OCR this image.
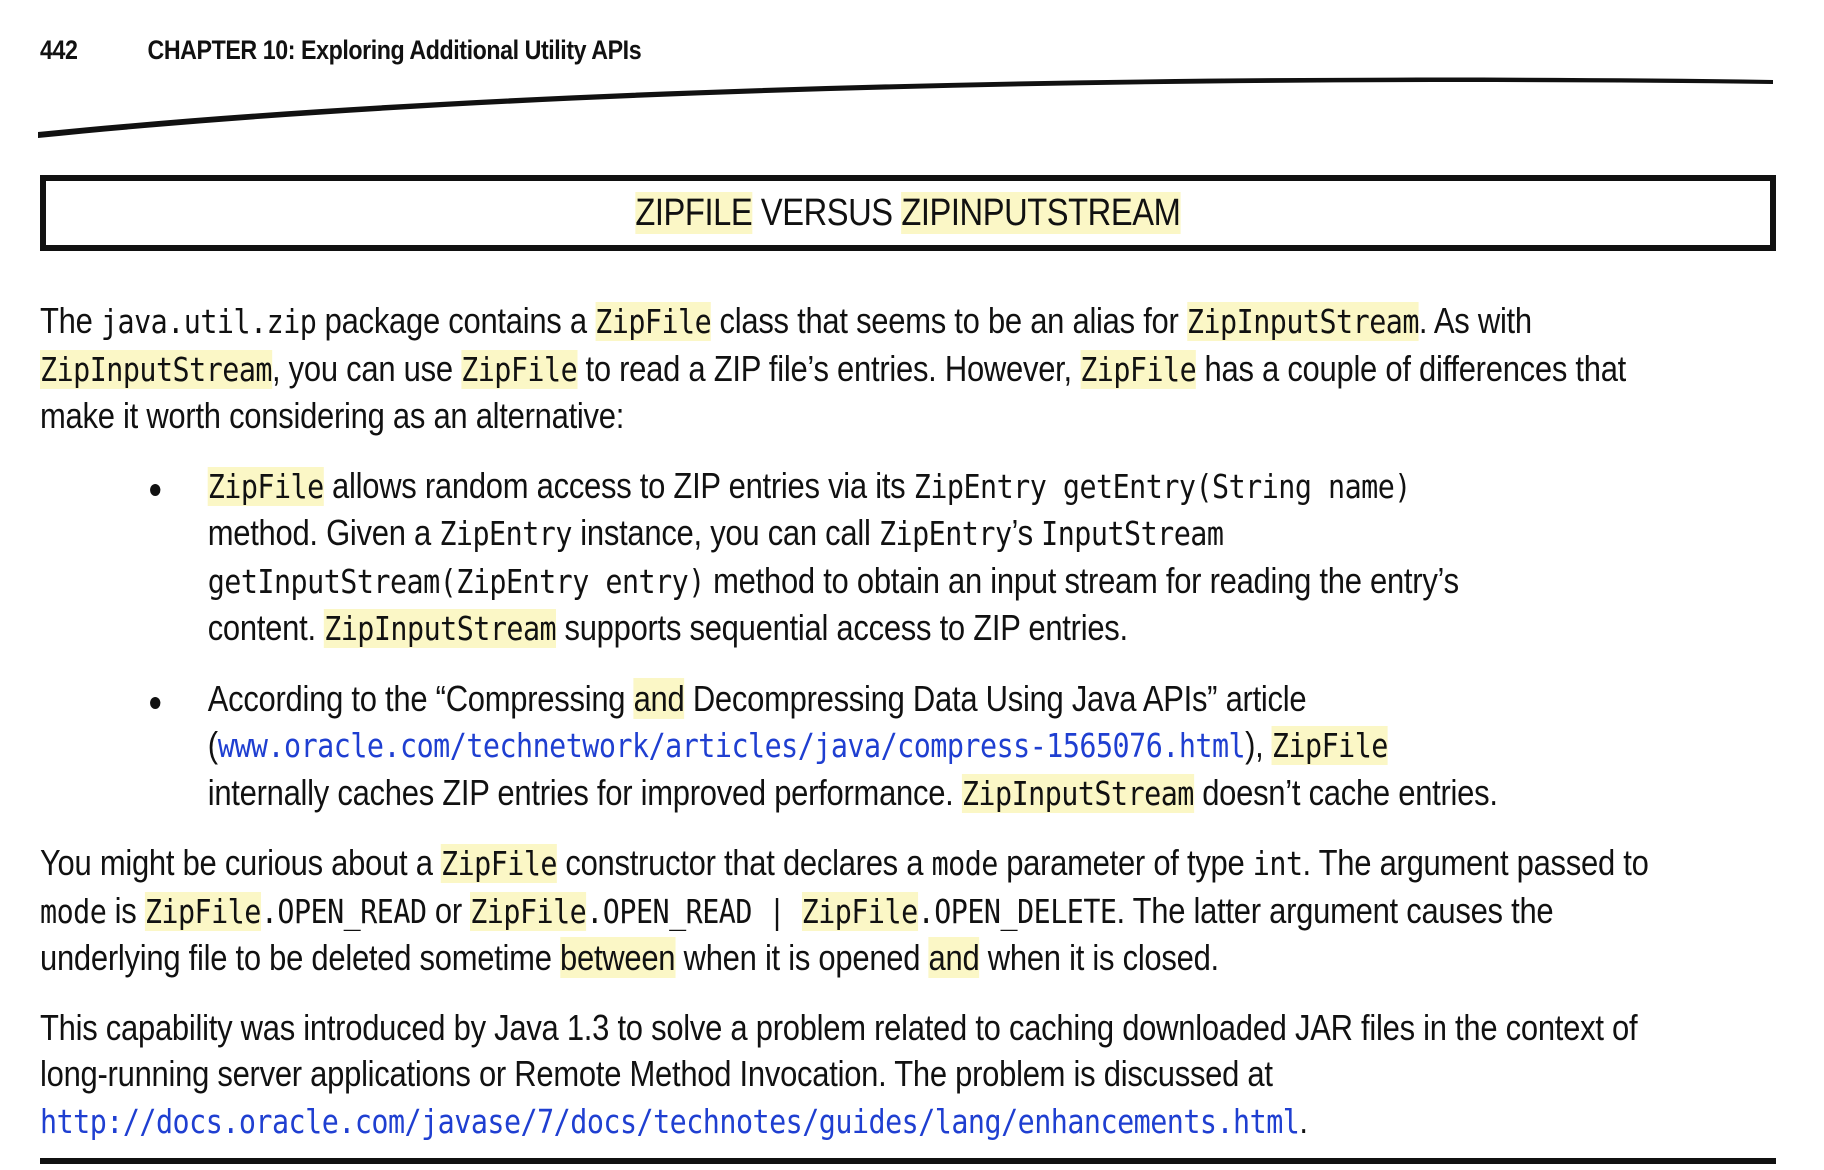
442	CHAPTER 10: Exploring Additional Utility APIs
ZIPFILE VERSUS ZIPINPUTSTREAM
The java.util.zip package contains a ZipFile class that seems to be an alias for ZipInputStream. As with
ZipInputStream, you can use ZipFile to read a ZIP file’s entries. However, ZipFile has a couple of differences that
make it worth considering as an alternative:
ZipFile allows random access to ZIP entries via its ZipEntry getEntry(String name)
method. Given a ZipEntry instance, you can call ZipEntry’s InputStream
getInputStream(ZipEntry entry) method to obtain an input stream for reading the entry’s
content. ZipInputStream supports sequential access to ZIP entries.
According to the “Compressing and Decompressing Data Using Java APIs” article
(www.oracle.com/technetwork/articles/java/compress-1565076.html), ZipFile
internally caches ZIP entries for improved performance. ZipInputStream doesn’t cache entries.
You might be curious about a ZipFile constructor that declares a mode parameter of type int. The argument passed to
mode is ZipFile.OPEN_READ or ZipFile.OPEN_READ | ZipFile.OPEN_DELETE. The latter argument causes the
underlying file to be deleted sometime between when it is opened and when it is closed.
This capability was introduced by Java 1.3 to solve a problem related to caching downloaded JAR files in the context of
long-running server applications or Remote Method Invocation. The problem is discussed at
http://docs.oracle.com/javase/7/docs/technotes/guides/lang/enhancements.html.
